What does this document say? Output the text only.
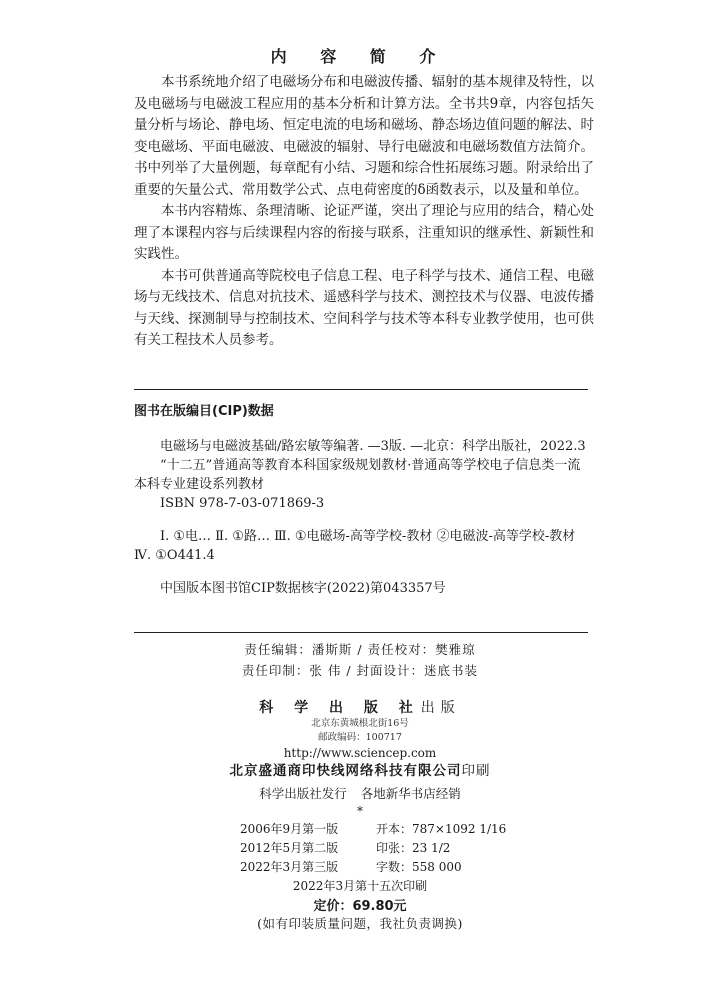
内 容 简 介

本书系统地介绍了电磁场分布和电磁波传播、辐射的基本规律及特性，以及电磁场与电磁波工程应用的基本分析和计算方法。全书共9章，内容包括矢量分析与场论、静电场、恒定电流的电场和磁场、静态场边值问题的解法、时变电磁场、平面电磁波、电磁波的辐射、导行电磁波和电磁场数值方法简介。书中列举了大量例题，每章配有小结、习题和综合性拓展练习题。附录给出了重要的矢量公式、常用数学公式、点电荷密度的δ函数表示，以及量和单位。

本书内容精炼、条理清晰、论证严谨，突出了理论与应用的结合，精心处理了本课程内容与后续课程内容的衔接与联系，注重知识的继承性、新颖性和实践性。

本书可供普通高等院校电子信息工程、电子科学与技术、通信工程、电磁场与无线技术、信息对抗技术、遥感科学与技术、测控技术与仪器、电波传播与天线、探测制导与控制技术、空间科学与技术等本科专业教学使用，也可供有关工程技术人员参考。

图书在版编目(CIP)数据
电磁场与电磁波基础/路宏敏等编著. —3版. —北京：科学出版社，2022.3
“十二五”普通高等教育本科国家级规划教材·普通高等学校电子信息类一流本科专业建设系列教材
ISBN 978-7-03-071869-3
Ⅰ. ①电… Ⅱ. ①路… Ⅲ. ①电磁场-高等学校-教材 ②电磁波-高等学校-教材 Ⅳ. ①O441.4
中国版本图书馆CIP数据核字(2022)第043357号
责任编辑：潘斯斯 / 责任校对：樊雅琼
责任印制：张 伟 / 封面设计：迷底书装
科 学 出 版 社出版
北京东黄城根北街16号
邮政编码：100717
http://www.sciencep.com
北京盛通商印快线网络科技有限公司印刷
科学出版社发行 各地新华书店经销
*
2006年9月第一版	开本：787×1092 1/16
2012年5月第二版	印张：23 1/2
2022年3月第三版	字数：558 000
2022年3月第十五次印刷
定价：69.80元
(如有印装质量问题，我社负责调换)
